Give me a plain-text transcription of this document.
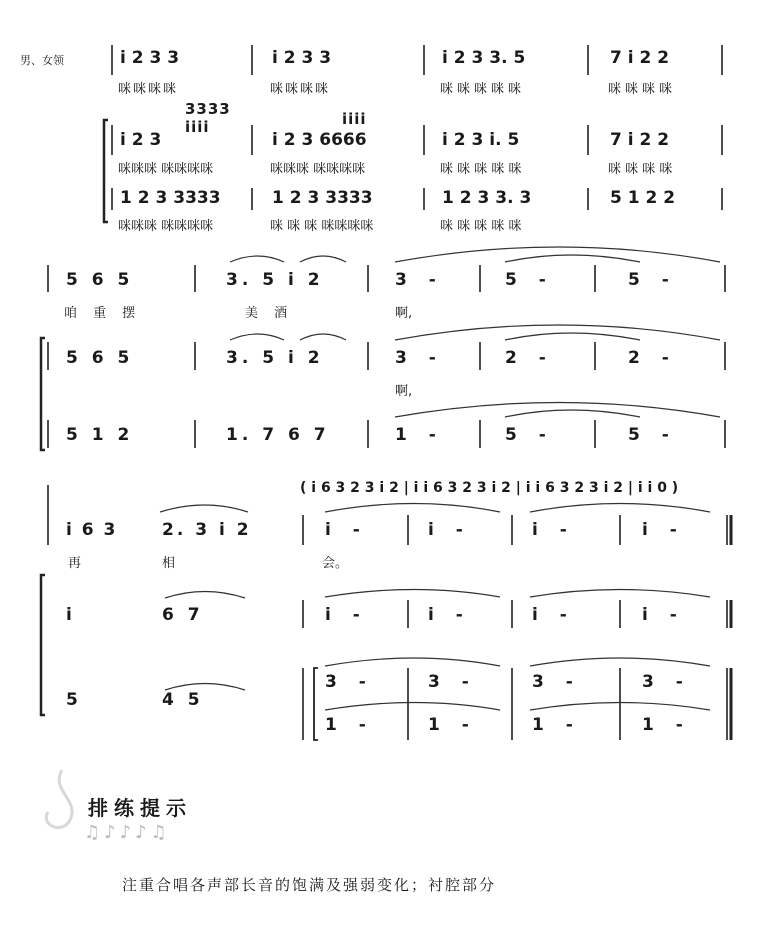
男、女领	i 2 3 3	i 2 3 3	i 2 3 3. 5	7 i 2 2
咪咪咪咪	咪咪咪咪	咪咪咪咪咪	咪咪咪咪
3333
iiii	iiii
i 2 3	i 2 3 6666	i 2 3 i. 5	7 i 2 2
咪咪咪 咪咪咪咪	咪咪咪 咪咪咪咪	咪 咪 咪 咪 咪	咪 咪 咪 咪
1 2 3 3333	1 2 3 3333	1 2 3 3. 3	5 1 2 2
咪咪咪 咪咪咪咪	咪 咪 咪 咪咪咪咪	咪 咪 咪 咪 咪
5 6 5	3. 5 i 2	3 -	5 -	5 -
咱 重 摆	美 酒	啊,
5 6 5	3. 5 i 2	3 -	2 -	2 -
啊,
5 1 2	1. 7 6 7	1 -	5 -	5 -
( i 6 3 2 3 i 2 | i i 6 3 2 3 i 2 | i i 6 3 2 3 i 2 | i i 0 )
i 6 3	2. 3 i 2	i -	i -	i -	i -
再	相	会。
i	6 7	i -	i -	i -	i -
5	4 5
3 -	3 -	3 -	3 -
1 -	1 -	1 -	1 -
排练提示
♫♪♪♪♫
注重合唱各声部长音的饱满及强弱变化；衬腔部分
